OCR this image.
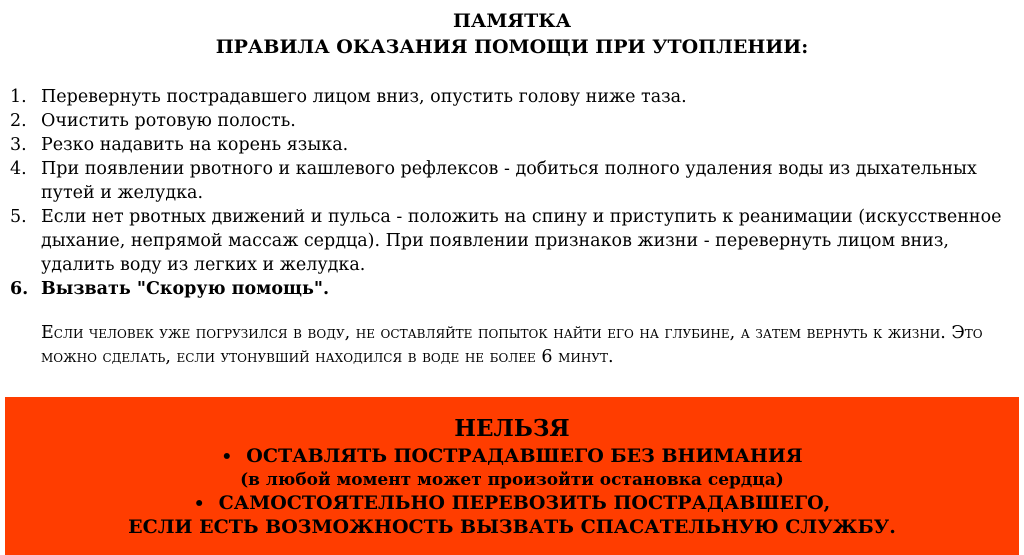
ПАМЯТКА
ПРАВИЛА ОКАЗАНИЯ ПОМОЩИ ПРИ УТОПЛЕНИИ:
1. Перевернуть пострадавшего лицом вниз, опустить голову ниже таза.
2. Очистить ротовую полость.
3. Резко надавить на корень языка.
4. При появлении рвотного и кашлевого рефлексов - добиться полного удаления воды из дыхательных путей и желудка.
5. Если нет рвотных движений и пульса - положить на спину и приступить к реанимации (искусственное дыхание, непрямой массаж сердца). При появлении признаков жизни - перевернуть лицом вниз, удалить воду из легких и желудка.
6. Вызвать "Скорую помощь".
Если человек уже погрузился в воду, не оставляйте попыток найти его на глубине, а затем вернуть к жизни. Это можно сделать, если утонувший находился в воде не более 6 минут.
НЕЛЬЗЯ
• ОСТАВЛЯТЬ ПОСТРАДАВШЕГО БЕЗ ВНИМАНИЯ
(в любой момент может произойти остановка сердца)
• САМОСТОЯТЕЛЬНО ПЕРЕВОЗИТЬ ПОСТРАДАВШЕГО,
ЕСЛИ ЕСТЬ ВОЗМОЖНОСТЬ ВЫЗВАТЬ СПАСАТЕЛЬНУЮ СЛУЖБУ.
